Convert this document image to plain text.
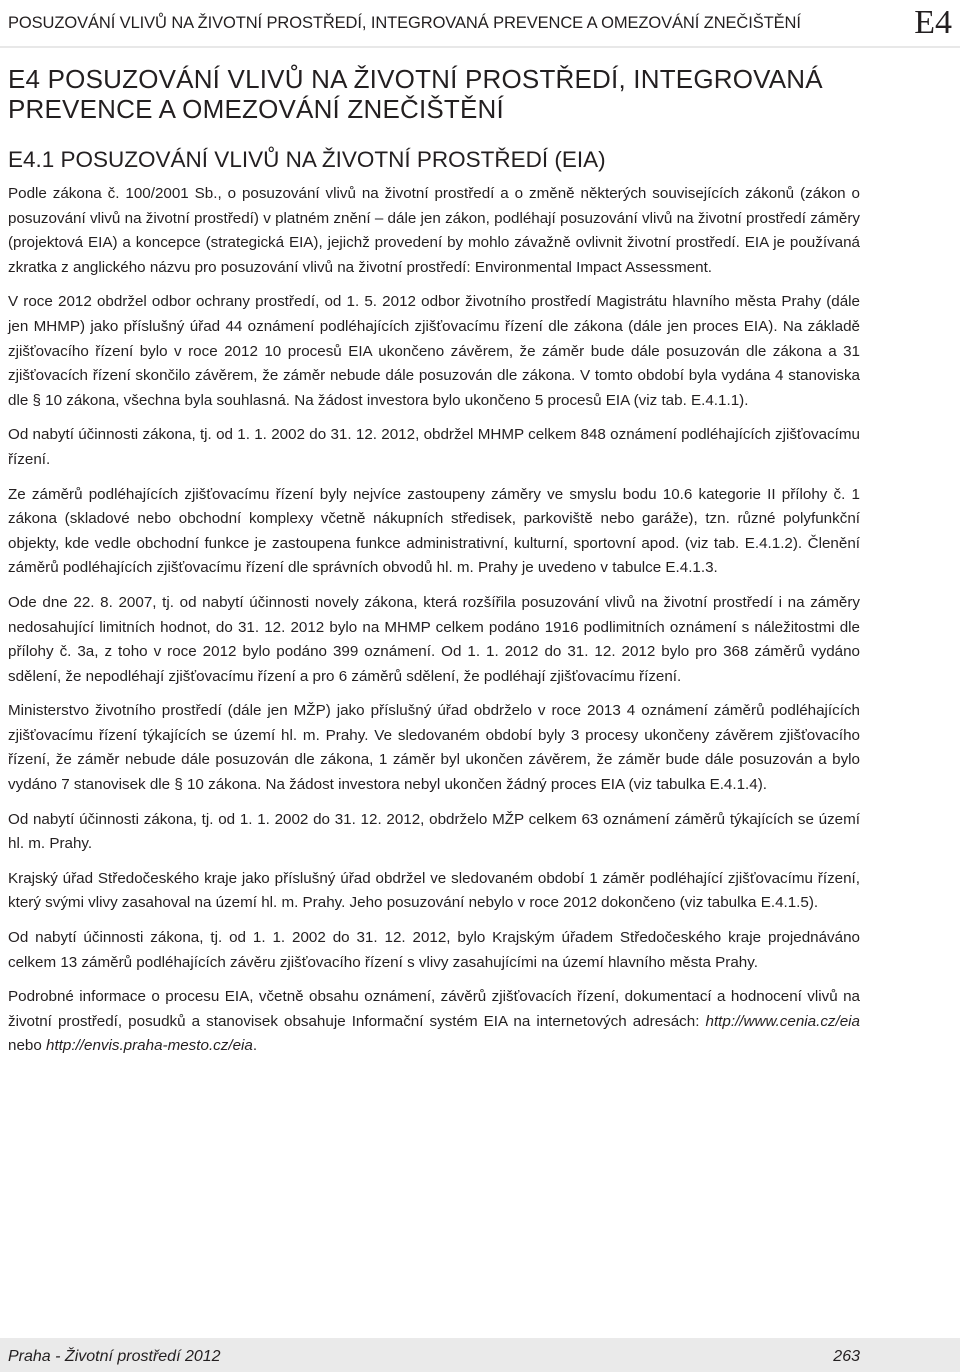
POSUZOVÁNÍ VLIVŮ NA ŽIVOTNÍ PROSTŘEDÍ, INTEGROVANÁ PREVENCE A OMEZOVÁNÍ ZNEČIŠTĚNÍ	E4
E4 POSUZOVÁNÍ VLIVŮ NA ŽIVOTNÍ PROSTŘEDÍ, INTEGROVANÁ
PREVENCE A OMEZOVÁNÍ ZNEČIŠTĚNÍ
E4.1 POSUZOVÁNÍ VLIVŮ NA ŽIVOTNÍ PROSTŘEDÍ (EIA)

Podle zákona č. 100/2001 Sb., o posuzování vlivů na životní prostředí a o změně některých souvisejících zákonů (zákon o posuzování vlivů na životní prostředí) v platném znění – dále jen zákon, podléhají posuzování vlivů na životní prostředí záměry (projektová EIA) a koncepce (strategická EIA), jejichž provedení by mohlo závažně ovlivnit životní prostředí. EIA je používaná zkratka z anglického názvu pro posuzování vlivů na životní prostředí: Environmental Impact Assessment.

V roce 2012 obdržel odbor ochrany prostředí, od 1. 5. 2012 odbor životního prostředí Magistrátu hlavního města Prahy (dále jen MHMP) jako příslušný úřad 44 oznámení podléhajících zjišťovacímu řízení dle zákona (dále jen proces EIA). Na základě zjišťovacího řízení bylo v roce 2012 10 procesů EIA ukončeno závěrem, že záměr bude dále posuzován dle zákona a 31 zjišťovacích řízení skončilo závěrem, že záměr nebude dále posuzován dle zákona. V tomto období byla vydána 4 stanoviska dle § 10 zákona, všechna byla souhlasná. Na žádost investora bylo ukončeno 5 procesů EIA (viz tab. E.4.1.1).

Od nabytí účinnosti zákona, tj. od 1. 1. 2002 do 31. 12. 2012, obdržel MHMP celkem 848 oznámení podléhajících zjišťovacímu řízení.

Ze záměrů podléhajících zjišťovacímu řízení byly nejvíce zastoupeny záměry ve smyslu bodu 10.6 kategorie II přílohy č. 1 zákona (skladové nebo obchodní komplexy včetně nákupních středisek, parkoviště nebo garáže), tzn. různé polyfunkční objekty, kde vedle obchodní funkce je zastoupena funkce administrativní, kulturní, sportovní apod. (viz tab. E.4.1.2). Členění záměrů podléhajících zjišťovacímu řízení dle správních obvodů hl. m. Prahy je uvedeno v tabulce E.4.1.3.

Ode dne 22. 8. 2007, tj. od nabytí účinnosti novely zákona, která rozšířila posuzování vlivů na životní prostředí i na záměry nedosahující limitních hodnot, do 31. 12. 2012 bylo na MHMP celkem podáno 1916 podlimitních oznámení s náležitostmi dle přílohy č. 3a, z toho v roce 2012 bylo podáno 399 oznámení. Od 1. 1. 2012 do 31. 12. 2012 bylo pro 368 záměrů vydáno sdělení, že nepodléhají zjišťovacímu řízení a pro 6 záměrů sdělení, že podléhají zjišťovacímu řízení.

Ministerstvo životního prostředí (dále jen MŽP) jako příslušný úřad obdrželo v roce 2013 4 oznámení záměrů podléhajících zjišťovacímu řízení týkajících se území hl. m. Prahy. Ve sledovaném období byly 3 procesy ukončeny závěrem zjišťovacího řízení, že záměr nebude dále posuzován dle zákona, 1 záměr byl ukončen závěrem, že záměr bude dále posuzován a bylo vydáno 7 stanovisek dle § 10 zákona. Na žádost investora nebyl ukončen žádný proces EIA (viz tabulka E.4.1.4).

Od nabytí účinnosti zákona, tj. od 1. 1. 2002 do 31. 12. 2012, obdrželo MŽP celkem 63 oznámení záměrů týkajících se území hl. m. Prahy.

Krajský úřad Středočeského kraje jako příslušný úřad obdržel ve sledovaném období 1 záměr podléhající zjišťovacímu řízení, který svými vlivy zasahoval na území hl. m. Prahy. Jeho posuzování nebylo v roce 2012 dokončeno (viz tabulka E.4.1.5).

Od nabytí účinnosti zákona, tj. od 1. 1. 2002 do 31. 12. 2012, bylo Krajským úřadem Středočeského kraje projednáváno celkem 13 záměrů podléhajících závěru zjišťovacího řízení s vlivy zasahujícími na území hlavního města Prahy.

Podrobné informace o procesu EIA, včetně obsahu oznámení, závěrů zjišťovacích řízení, dokumentací a hodnocení vlivů na životní prostředí, posudků a stanovisek obsahuje Informační systém EIA na internetových adresách: http://www.cenia.cz/eia nebo http://envis.praha-mesto.cz/eia.

Praha - Životní prostředí 2012	263
